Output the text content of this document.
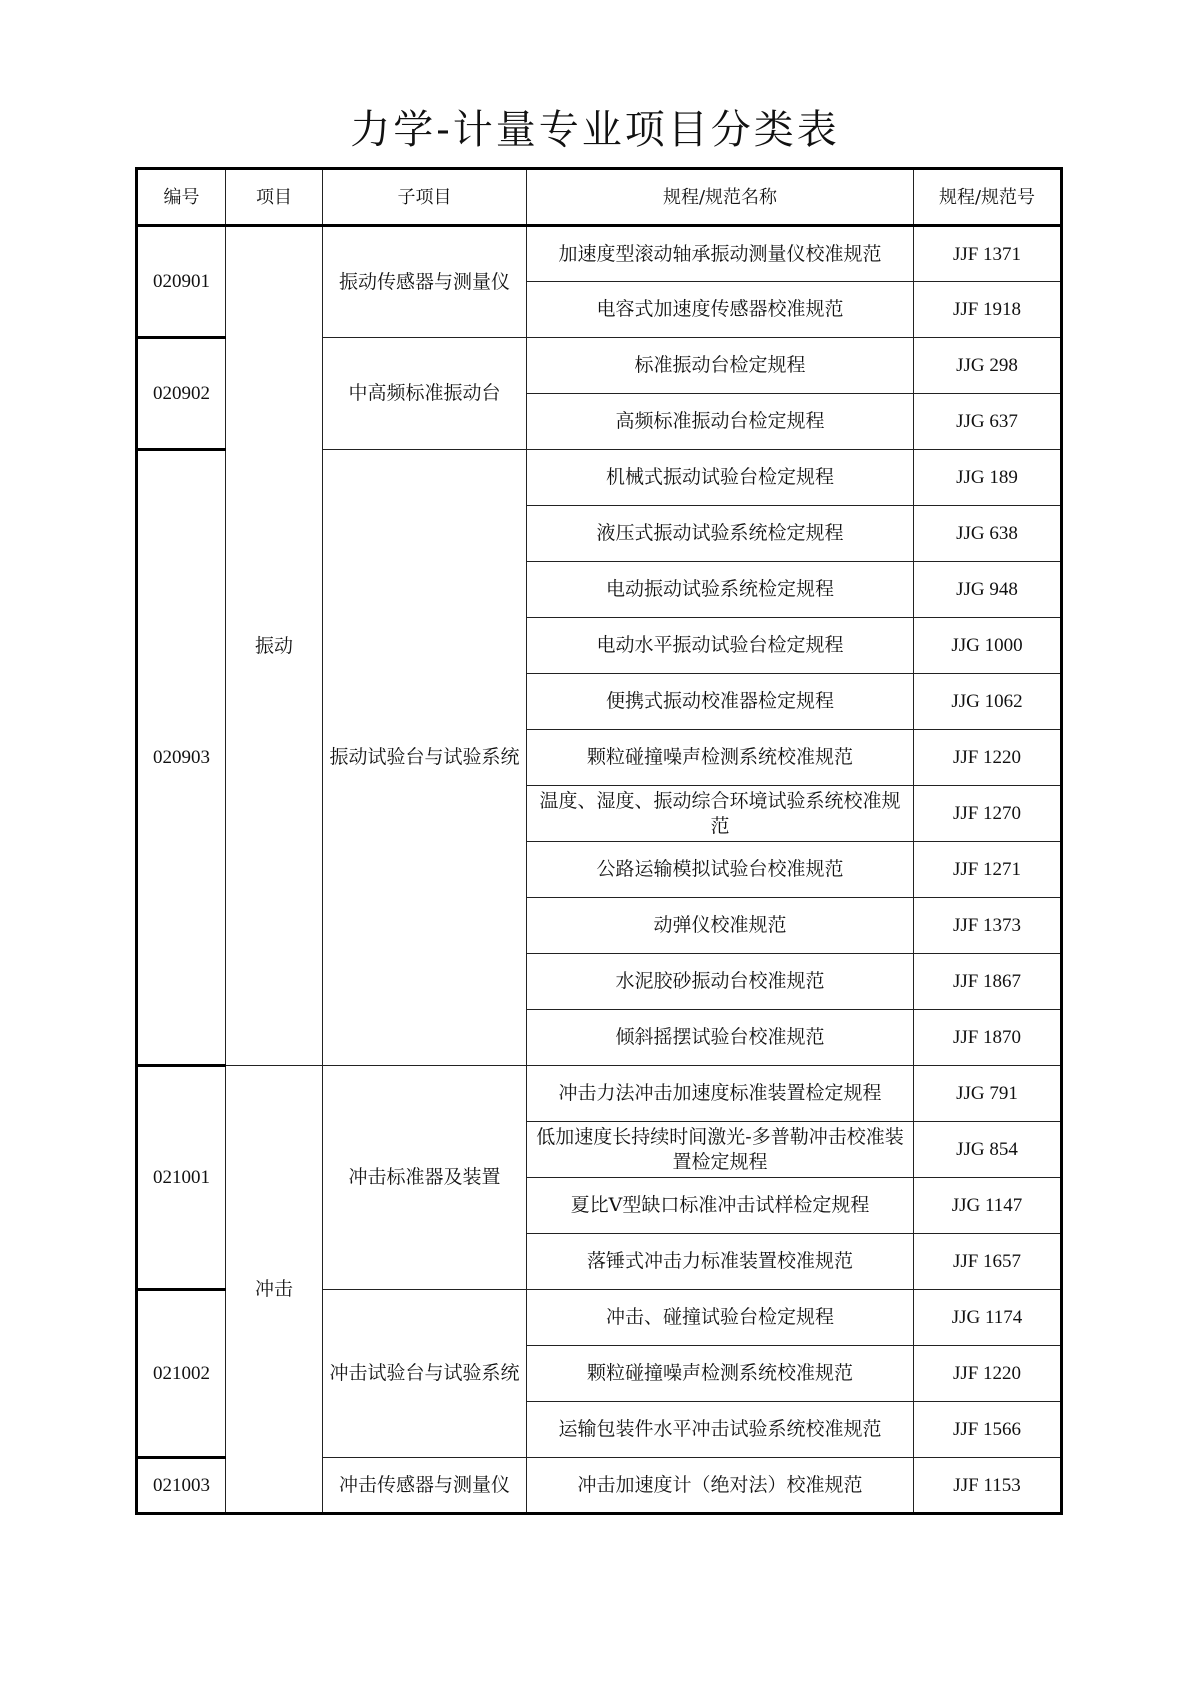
力学-计量专业项目分类表
编号	项目	子项目	规程/规范名称	规程/规范号
020901	振动	振动传感器与测量仪	加速度型滚动轴承振动测量仪校准规范	JJF 1371
			电容式加速度传感器校准规范	JJF 1918
020902		中高频标准振动台	标准振动台检定规程	JJG 298
			高频标准振动台检定规程	JJG 637
020903		振动试验台与试验系统	机械式振动试验台检定规程	JJG 189
			液压式振动试验系统检定规程	JJG 638
			电动振动试验系统检定规程	JJG 948
			电动水平振动试验台检定规程	JJG 1000
			便携式振动校准器检定规程	JJG 1062
			颗粒碰撞噪声检测系统校准规范	JJF 1220
			温度、湿度、振动综合环境试验系统校准规范	JJF 1270
			公路运输模拟试验台校准规范	JJF 1271
			动弹仪校准规范	JJF 1373
			水泥胶砂振动台校准规范	JJF 1867
			倾斜摇摆试验台校准规范	JJF 1870
021001	冲击	冲击标准器及装置	冲击力法冲击加速度标准装置检定规程	JJG 791
			低加速度长持续时间激光-多普勒冲击校准装置检定规程	JJG 854
			夏比V型缺口标准冲击试样检定规程	JJG 1147
			落锤式冲击力标准装置校准规范	JJF 1657
021002		冲击试验台与试验系统	冲击、碰撞试验台检定规程	JJG 1174
			颗粒碰撞噪声检测系统校准规范	JJF 1220
			运输包装件水平冲击试验系统校准规范	JJF 1566
021003		冲击传感器与测量仪	冲击加速度计（绝对法）校准规范	JJF 1153
